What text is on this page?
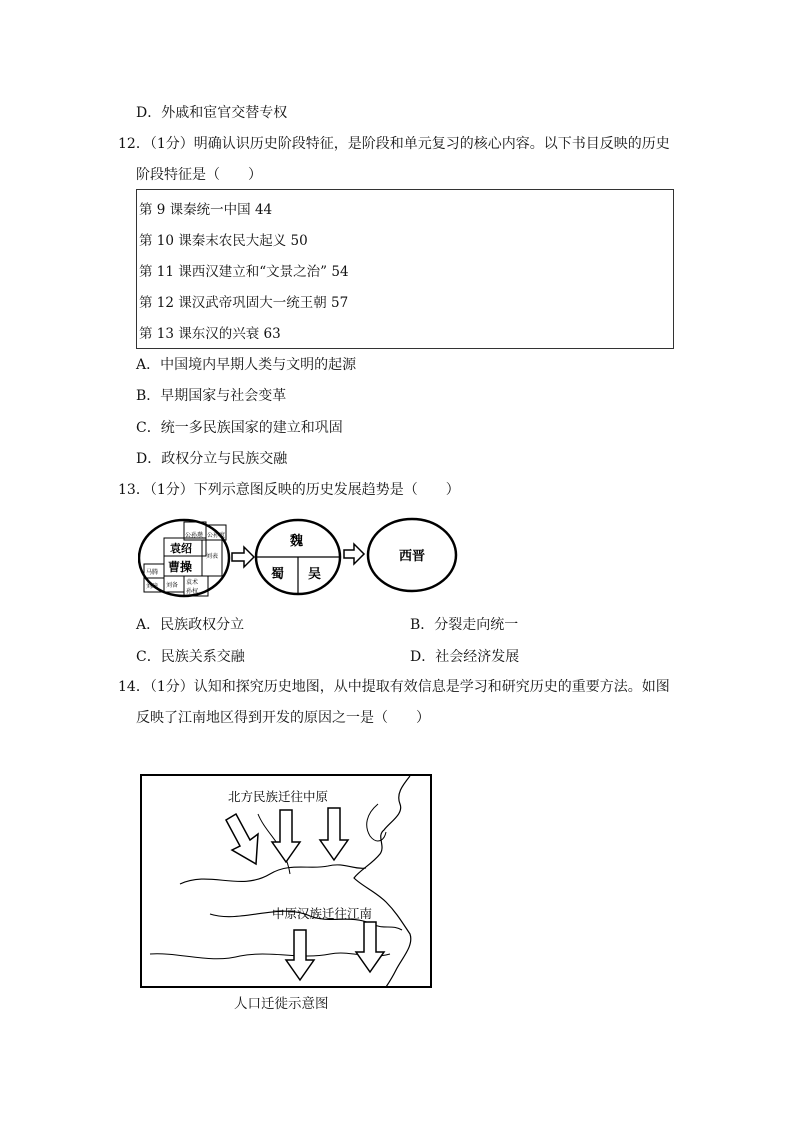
D．外戚和宦官交替专权
12．（1分）明确认识历史阶段特征，是阶段和单元复习的核心内容。以下书目反映的历史
阶段特征是（　　）
第 9 课秦统一中国 44
第 10 课秦末农民大起义 50
第 11 课西汉建立和“文景之治” 54
第 12 课汉武帝巩固大一统王朝 57
第 13 课东汉的兴衰 63
A．中国境内早期人类与文明的起源
B．早期国家与社会变革
C．统一多民族国家的建立和巩固
D．政权分立与民族交融
13．（1分）下列示意图反映的历史发展趋势是（　　）
公孙瓒 公孙度
袁绍
曹操
刘表
马腾
刘璋 刘备 袁术
孙权
魏
蜀 吴
西晋
A．民族政权分立	B．分裂走向统一
C．民族关系交融	D．社会经济发展
14．（1分）认知和探究历史地图，从中提取有效信息是学习和研究历史的重要方法。如图
反映了江南地区得到开发的原因之一是（　　）
北方民族迁往中原
中原汉族迁往江南
人口迁徙示意图
